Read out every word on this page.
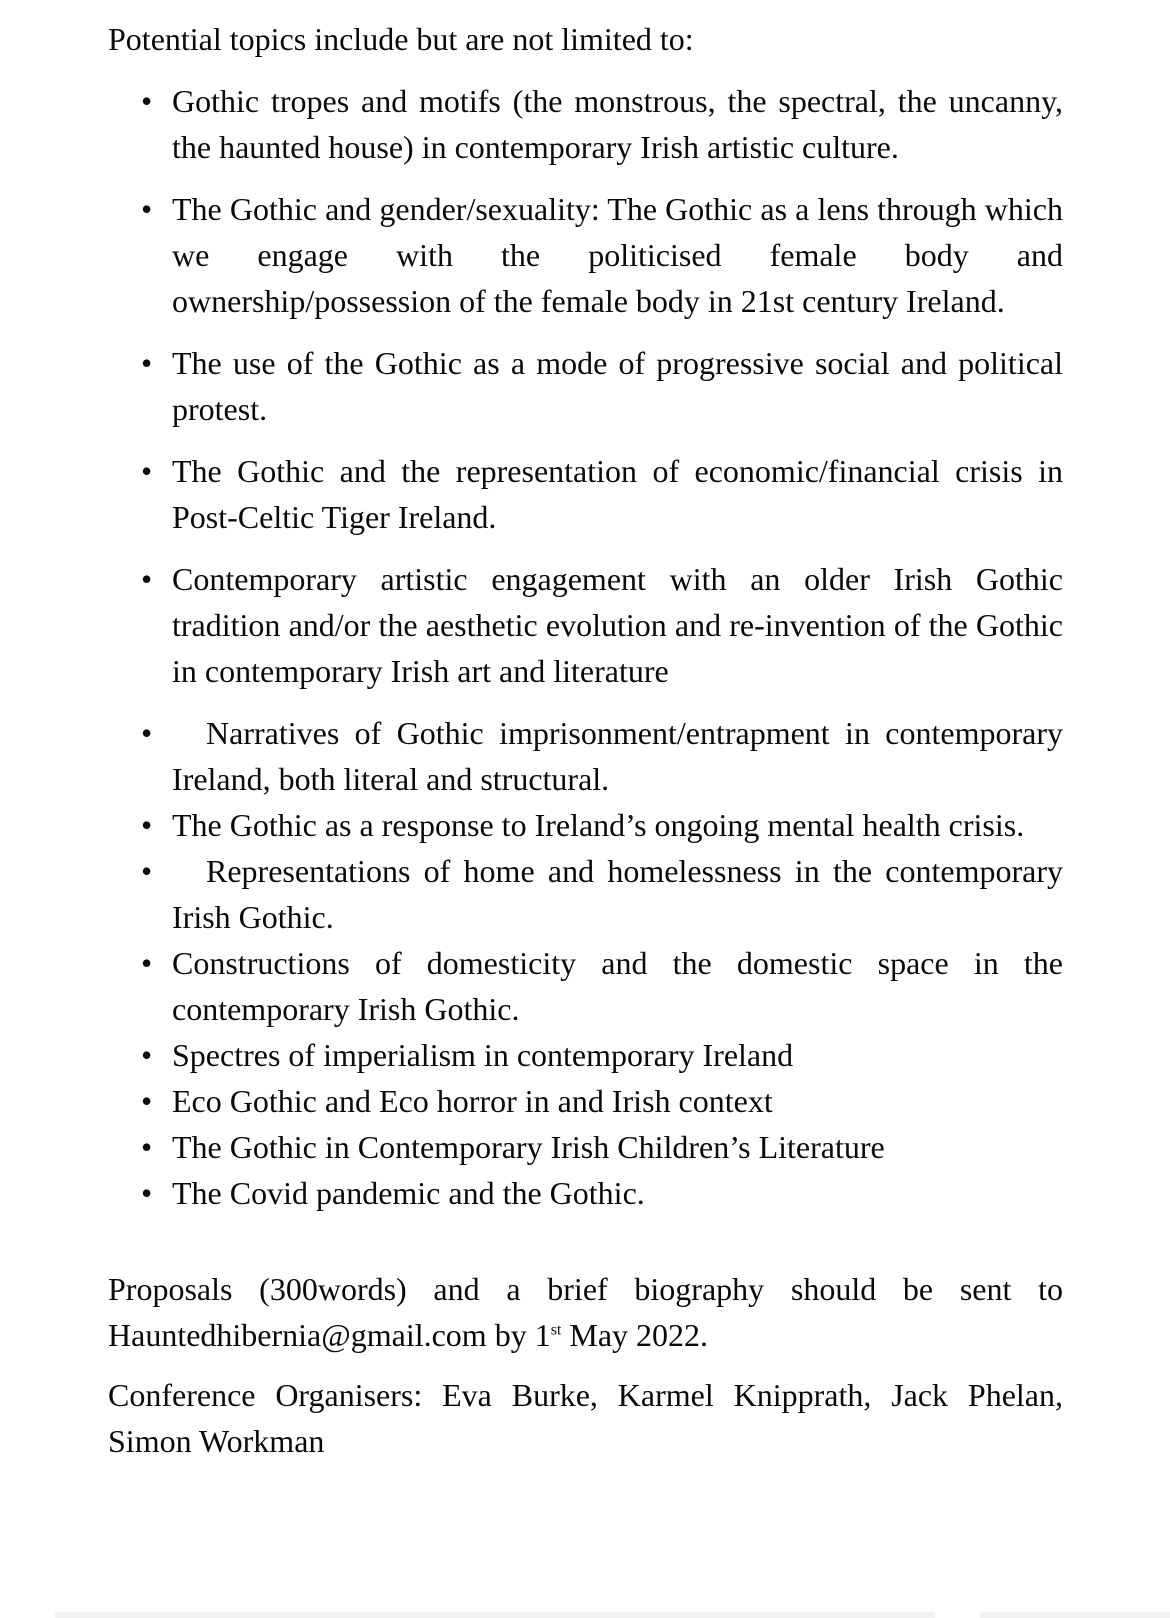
Potential topics include but are not limited to:

• Gothic tropes and motifs (the monstrous, the spectral, the uncanny, the haunted house) in contemporary Irish artistic culture.
• The Gothic and gender/sexuality: The Gothic as a lens through which we engage with the politicised female body and ownership/possession of the female body in 21st century Ireland.
• The use of the Gothic as a mode of progressive social and political protest.
• The Gothic and the representation of economic/financial crisis in Post-Celtic Tiger Ireland.
• Contemporary artistic engagement with an older Irish Gothic tradition and/or the aesthetic evolution and re-invention of the Gothic in contemporary Irish art and literature
• Narratives of Gothic imprisonment/entrapment in contemporary Ireland, both literal and structural.
• The Gothic as a response to Ireland’s ongoing mental health crisis.
• Representations of home and homelessness in the contemporary Irish Gothic.
• Constructions of domesticity and the domestic space in the contemporary Irish Gothic.
• Spectres of imperialism in contemporary Ireland
• Eco Gothic and Eco horror in and Irish context
• The Gothic in Contemporary Irish Children’s Literature
• The Covid pandemic and the Gothic.

Proposals (300words) and a brief biography should be sent to Hauntedhibernia@gmail.com by 1st May 2022.

Conference Organisers: Eva Burke, Karmel Knipprath, Jack Phelan, Simon Workman
